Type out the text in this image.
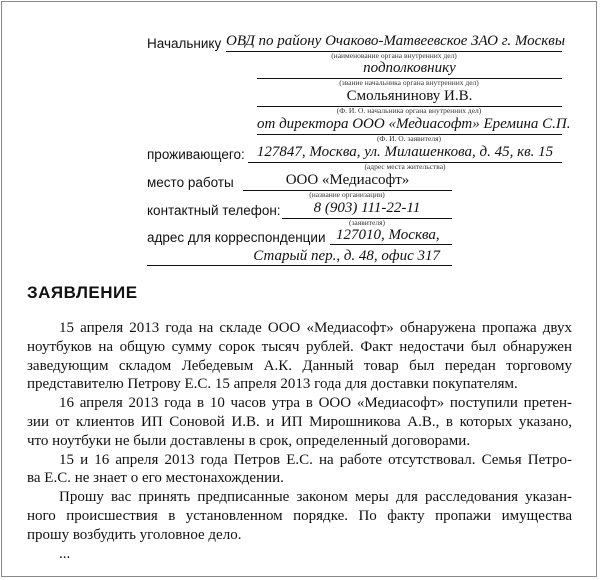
Начальнику ОВД по району Очаково-Матвеевское ЗАО г. Москвы
(наименование органа внутренних дел)
подполковнику
(звание начальника органа внутренних дел)
Смольянинову И.В.
(Ф. И. О. начальника органа внутренних дел)
от директора ООО «Медиасофт» Еремина С.П.
(Ф. И. О. заявителя)
проживающего: 127847, Москва, ул. Милашенкова, д. 45, кв. 15
(адрес места жительства)
место работы	ООО «Медиасофт»
(название организации)
контактный телефон:	8 (903) 111-22-11
(заявителя)
адрес для корреспонденции 127010, Москва,
Старый пер., д. 48, офис 317
ЗАЯВЛЕНИЕ

15 апреля 2013 года на складе ООО «Медиасофт» обнаружена пропажа двух

ноутбуков на общую сумму сорок тысяч рублей. Факт недостачи был обнаружен

заведующим складом Лебедевым А.К. Данный товар был передан торговому

представителю Петрову Е.С. 15 апреля 2013 года для доставки покупателям.

16 апреля 2013 года в 10 часов утра в ООО «Медиасофт» поступили претен-

зии от клиентов ИП Соновой И.В. и ИП Мирошникова А.В., в которых указано,

что ноутбуки не были доставлены в срок, определенный договорами.

15 и 16 апреля 2013 года Петров Е.С. на работе отсутствовал. Семья Петро-

ва Е.С. не знает о его местонахождении.

Прошу вас принять предписанные законом меры для расследования указан-

ного происшествия в установленном порядке. По факту пропажи имущества

прошу возбудить уголовное дело.

...
